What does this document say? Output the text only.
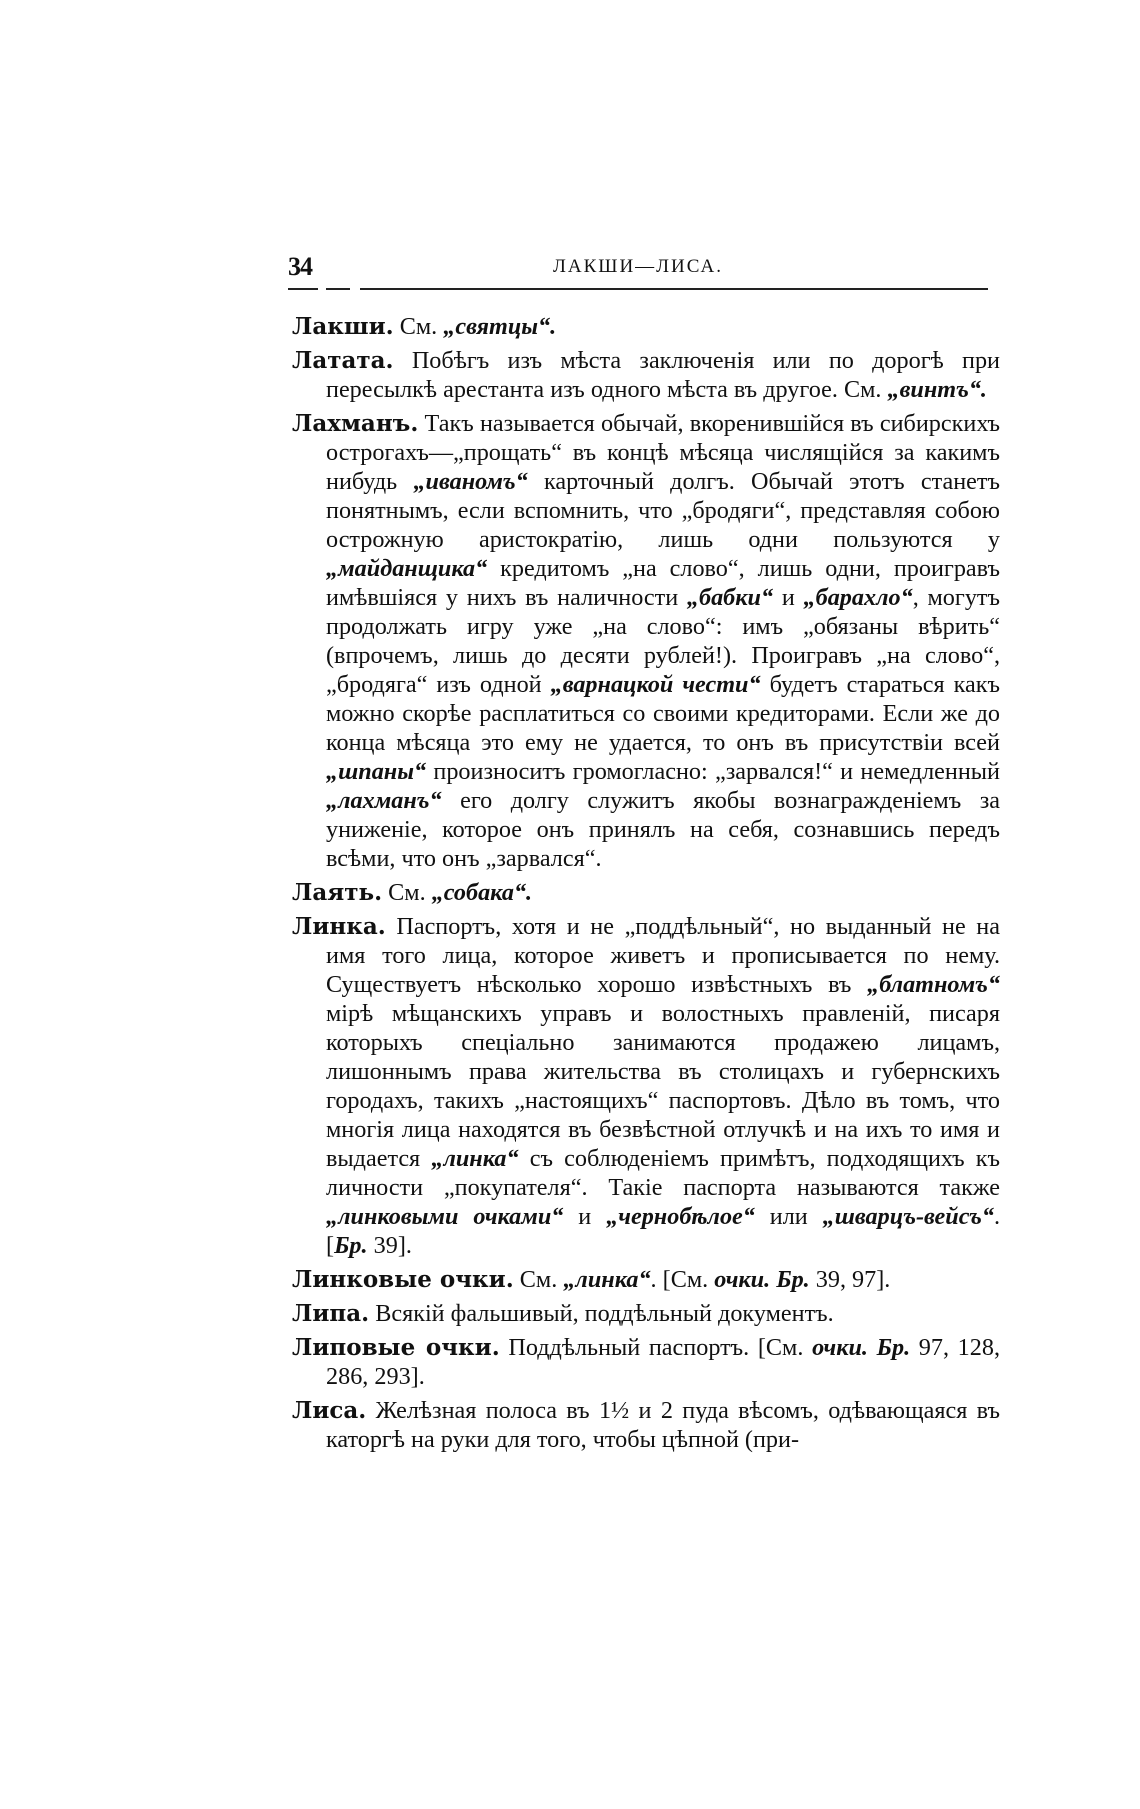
34	ЛАКШИ—ЛИСА.

Лакши. См. „святцы“.

Латата. Побѣгъ изъ мѣста заключенія или по дорогѣ при пересылкѣ арестанта изъ одного мѣста въ другое. См. „винтъ“.

Лахманъ. Такъ называется обычай, вкоренившійся въ сибирскихъ острогахъ—„прощать“ въ концѣ мѣсяца числящійся за какимъ нибудь „иваномъ“ карточный долгъ. Обычай этотъ станетъ понятнымъ, если вспомнить, что „бродяги“, представляя собою острожную аристократію, лишь одни пользуются у „майданщика“ кредитомъ „на слово“, лишь одни, проигравъ имѣвшіяся у нихъ въ наличности „бабки“ и „барахло“, могутъ продолжать игру уже „на слово“: имъ „обязаны вѣрить“ (впрочемъ, лишь до десяти рублей!). Проигравъ „на слово“, „бродяга“ изъ одной „варнацкой чести“ будетъ стараться какъ можно скорѣе расплатиться со своими кредиторами. Если же до конца мѣсяца это ему не удается, то онъ въ присутствіи всей „шпаны“ произноситъ громогласно: „зарвался!“ и немедленный „лахманъ“ его долгу служитъ якобы вознагражденіемъ за униженіе, которое онъ принялъ на себя, сознавшись передъ всѣми, что онъ „зарвался“.

Лаять. См. „собака“.

Линка. Паспортъ, хотя и не „поддѣльный“, но выданный не на имя того лица, которое живетъ и прописывается по нему. Существуетъ нѣсколько хорошо извѣстныхъ въ „блатномъ“ мірѣ мѣщанскихъ управъ и волостныхъ правленій, писаря которыхъ спеціально занимаются продажею лицамъ, лишоннымъ права жительства въ столицахъ и губернскихъ городахъ, такихъ „настоящихъ“ паспортовъ. Дѣло въ томъ, что многія лица находятся въ безвѣстной отлучкѣ и на ихъ то имя и выдается „линка“ съ соблюденіемъ примѣтъ, подходящихъ къ личности „покупателя“. Такіе паспорта называются также „линковыми очками“ и „чернобѣлое“ или „шварцъ-вейсъ“. [Бр. 39].

Линковые очки. См. „линка“. [См. очки. Бр. 39, 97].

Липа. Всякій фальшивый, поддѣльный документъ.

Липовые очки. Поддѣльный паспортъ. [См. очки. Бр. 97, 128, 286, 293].

Лиса. Желѣзная полоса въ 1½ и 2 пуда вѣсомъ, одѣвающаяся въ каторгѣ на руки для того, чтобы цѣпной (при-
